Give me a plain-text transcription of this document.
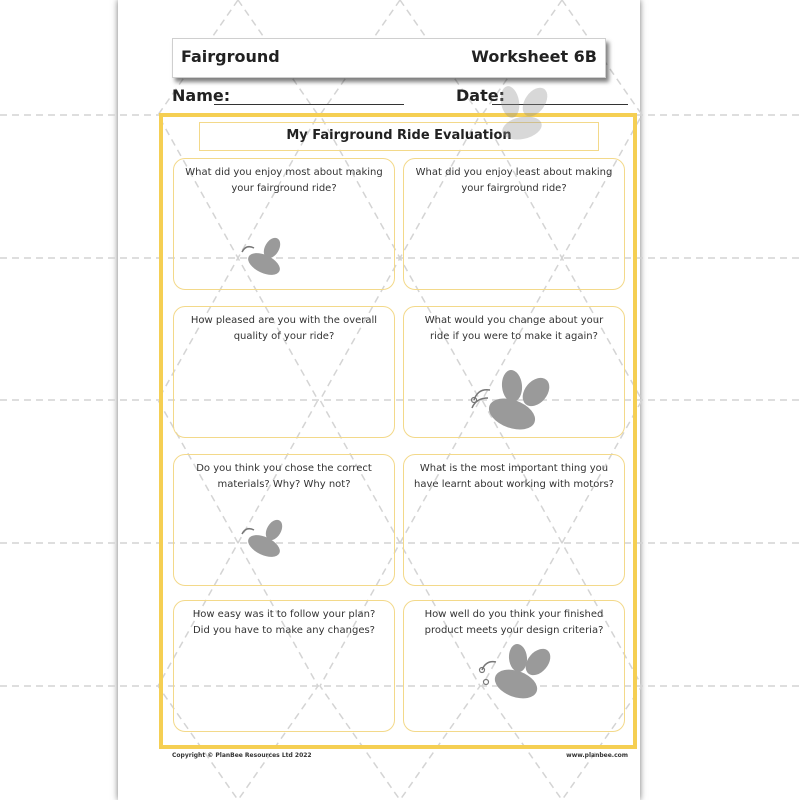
Fairground	Worksheet 6B
Name:	Date:
My Fairground Ride Evaluation
What did you enjoy most about making your fairground ride?
What did you enjoy least about making your fairground ride?
How pleased are you with the overall quality of your ride?
What would you change about your ride if you were to make it again?
Do you think you chose the correct materials? Why? Why not?
What is the most important thing you have learnt about working with motors?
How easy was it to follow your plan? Did you have to make any changes?
How well do you think your finished product meets your design criteria?
Copyright © PlanBee Resources Ltd 2022	www.planbee.com
